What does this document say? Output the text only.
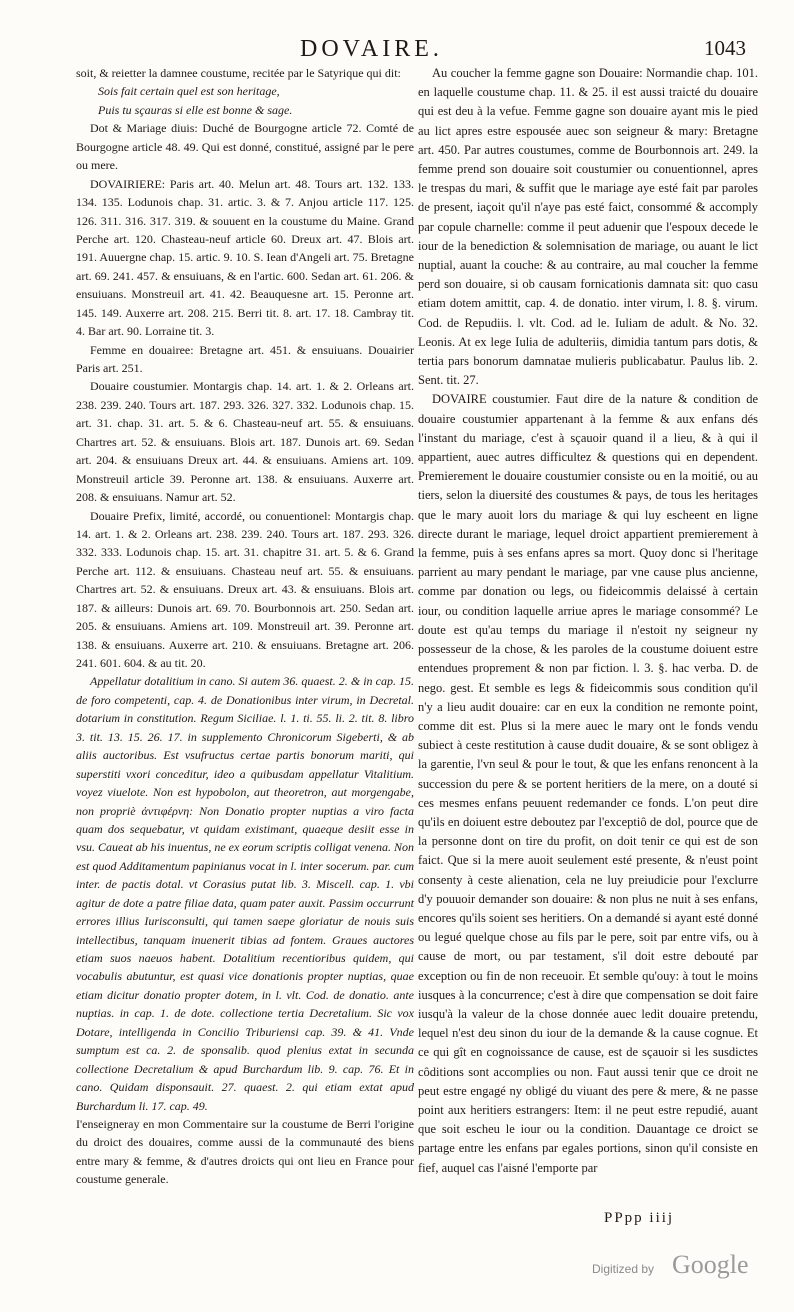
DOVAIRE.	1043

soit, & reietter la damnee coustume, recitée par le Satyrique qui dit:

Sois fait certain quel est son heritage,

Puis tu sçauras si elle est bonne & sage.

Dot & Mariage diuis: Duché de Bourgogne article 72. Comté de Bourgogne article 48. 49. Qui est donné, constitué, assigné par le pere ou mere.

DOVAIRIERE: Paris art. 40. Melun art. 48. Tours art. 132. 133. 134. 135. Lodunois chap. 31. artic. 3. & 7. Anjou article 117. 125. 126. 311. 316. 317. 319. & souuent en la coustume du Maine. Grand Perche art. 120. Chasteau-neuf article 60. Dreux art. 47. Blois art. 191. Auuergne chap. 15. artic. 9. 10. S. Iean d'Angeli art. 75. Bretagne art. 69. 241. 457. & ensuiuans, & en l'artic. 600. Sedan art. 61. 206. & ensuiuans. Monstreuil art. 41. 42. Beauquesne art. 15. Peronne art. 145. 149. Auxerre art. 208. 215. Berri tit. 8. art. 17. 18. Cambray tit. 4. Bar art. 90. Lorraine tit. 3.

Femme en douairee: Bretagne art. 451. & ensuiuans. Douairier Paris art. 251.

Douaire coustumier. Montargis chap. 14. art. 1. & 2. Orleans art. 238. 239. 240. Tours art. 187. 293. 326. 327. 332. Lodunois chap. 15. art. 31. chap. 31. art. 5. & 6. Chasteau-neuf art. 55. & ensuiuans. Chartres art. 52. & ensuiuans. Blois art. 187. Dunois art. 69. Sedan art. 204. & ensuiuans Dreux art. 44. & ensuiuans. Amiens art. 109. Monstreuil article 39. Peronne art. 138. & ensuiuans. Auxerre art. 208. & ensuiuans. Namur art. 52.

Douaire Prefix, limité, accordé, ou conuentionel: Montargis chap. 14. art. 1. & 2. Orleans art. 238. 239. 240. Tours art. 187. 293. 326. 332. 333. Lodunois chap. 15. art. 31. chapitre 31. art. 5. & 6. Grand Perche art. 112. & ensuiuans. Chasteau neuf art. 55. & ensuiuans. Chartres art. 52. & ensuiuans. Dreux art. 43. & ensuiuans. Blois art. 187. & ailleurs: Dunois art. 69. 70. Bourbonnois art. 250. Sedan art. 205. & ensuiuans. Amiens art. 109. Monstreuil art. 39. Peronne art. 138. & ensuiuans. Auxerre art. 210. & ensuiuans. Bretagne art. 206. 241. 601. 604. & au tit. 20.

Appellatur dotalitium in cano. Si autem 36. quaest. 2. & in cap. 15. de foro competenti, cap. 4. de Donationibus inter virum, in Decretal. dotarium in constitution. Regum Siciliae. l. 1. ti. 55. li. 2. tit. 8. libro 3. tit. 13. 15. 26. 17. in supplemento Chronicorum Sigeberti, & ab aliis auctoribus. Est vsufructus certae partis bonorum mariti, qui superstiti vxori conceditur, ideo a quibusdam appellatur Vitalitium. voyez viuelote. Non est hypobolon, aut theoretron, aut morgengabe, non propriè ἀντιφέρνη: Non Donatio propter nuptias a viro facta quam dos sequebatur, vt quidam existimant, quaeque desiit esse in vsu. Caueat ab his inuentus, ne ex eorum scriptis colligat venena. Non est quod Additamentum papinianus vocat in l. inter socerum. par. cum inter. de pactis dotal. vt Corasius putat lib. 3. Miscell. cap. 1. vbi agitur de dote a patre filiae data, quam pater auxit. Passim occurrunt errores illius Iurisconsulti, qui tamen saepe gloriatur de nouis suis intellectibus, tanquam inuenerit tibias ad fontem. Graues auctores etiam suos naeuos habent. Dotalitium recentioribus quidem, qui vocabulis abutuntur, est quasi vice donationis propter nuptias, quae etiam dicitur donatio propter dotem, in l. vlt. Cod. de donatio. ante nuptias. in cap. 1. de dote. collectione tertia Decretalium. Sic vox Dotare, intelligenda in Concilio Triburiensi cap. 39. & 41. Vnde sumptum est ca. 2. de sponsalib. quod plenius extat in secunda collectione Decretalium & apud Burchardum lib. 9. cap. 76. Et in cano. Quidam disponsauit. 27. quaest. 2. qui etiam extat apud Burchardum li. 17. cap. 49.

I'enseigneray en mon Commentaire sur la coustume de Berri l'origine du droict des douaires, comme aussi de la communauté des biens entre mary & femme, & d'autres droicts qui ont lieu en France pour coustume generale.

Au coucher la femme gagne son Douaire: Normandie chap. 101. en laquelle coustume chap. 11. & 25. il est aussi traicté du douaire qui est deu à la vefue. Femme gagne son douaire ayant mis le pied au lict apres estre espousée auec son seigneur & mary: Bretagne art. 450. Par autres coustumes, comme de Bourbonnois art. 249. la femme prend son douaire soit coustumier ou conuentionnel, apres le trespas du mari, & suffit que le mariage aye esté fait par paroles de present, iaçoit qu'il n'aye pas esté faict, consommé & accomply par copule charnelle: comme il peut aduenir que l'espoux decede le iour de la benediction & solemnisation de mariage, ou auant le lict nuptial, auant la couche: & au contraire, au mal coucher la femme perd son douaire, si ob causam fornicationis damnata sit: quo casu etiam dotem amittit, cap. 4. de donatio. inter virum, l. 8. §. virum. Cod. de Repudiis. l. vlt. Cod. ad le. Iuliam de adult. & No. 32. Leonis. At ex lege Iulia de adulteriis, dimidia tantum pars dotis, & tertia pars bonorum damnatae mulieris publicabatur. Paulus lib. 2. Sent. tit. 27.

DOVAIRE coustumier. Faut dire de la nature & condition de douaire coustumier appartenant à la femme & aux enfans dés l'instant du mariage, c'est à sçauoir quand il a lieu, & à qui il appartient, auec autres difficultez & questions qui en dependent. Premierement le douaire coustumier consiste ou en la moitié, ou au tiers, selon la diuersité des coustumes & pays, de tous les heritages que le mary auoit lors du mariage & qui luy escheent en ligne directe durant le mariage, lequel droict appartient premierement à la femme, puis à ses enfans apres sa mort. Quoy donc si l'heritage parrient au mary pendant le mariage, par vne cause plus ancienne, comme par donation ou legs, ou fideicommis delaissé à certain iour, ou condition laquelle arriue apres le mariage consommé? Le doute est qu'au temps du mariage il n'estoit ny seigneur ny possesseur de la chose, & les paroles de la coustume doiuent estre entendues proprement & non par fiction. l. 3. §. hac verba. D. de nego. gest. Et semble es legs & fideicommis sous condition qu'il n'y a lieu audit douaire: car en eux la condition ne remonte point, comme dit est. Plus si la mere auec le mary ont le fonds vendu subiect à ceste restitution à cause dudit douaire, & se sont obligez à la garentie, l'vn seul & pour le tout, & que les enfans renoncent à la succession du pere & se portent heritiers de la mere, on a douté si ces mesmes enfans peuuent redemander ce fonds. L'on peut dire qu'ils en doiuent estre deboutez par l'exceptiô de dol, pource que de la personne dont on tire du profit, on doit tenir ce qui est de son faict. Que si la mere auoit seulement esté presente, & n'eust point consenty à ceste alienation, cela ne luy preiudicie pour l'exclurre d'y pouuoir demander son douaire: & non plus ne nuit à ses enfans, encores qu'ils soient ses heritiers. On a demandé si ayant esté donné ou legué quelque chose au fils par le pere, soit par entre vifs, ou à cause de mort, ou par testament, s'il doit estre debouté par exception ou fin de non receuoir. Et semble qu'ouy: à tout le moins iusques à la concurrence; c'est à dire que compensation se doit faire iusqu'à la valeur de la chose donnée auec ledit douaire pretendu, lequel n'est deu sinon du iour de la demande & la cause cognue. Et ce qui gît en cognoissance de cause, est de sçauoir si les susdictes côditions sont accomplies ou non. Faut aussi tenir que ce droit ne peut estre engagé ny obligé du viuant des pere & mere, & ne passe point aux heritiers estrangers: Item: il ne peut estre repudié, auant que soit escheu le iour ou la condition. Dauantage ce droict se partage entre les enfans par egales portions, sinon qu'il consiste en fief, auquel cas l'aisné l'emporte par

PPpp iiij
Digitized by Google
